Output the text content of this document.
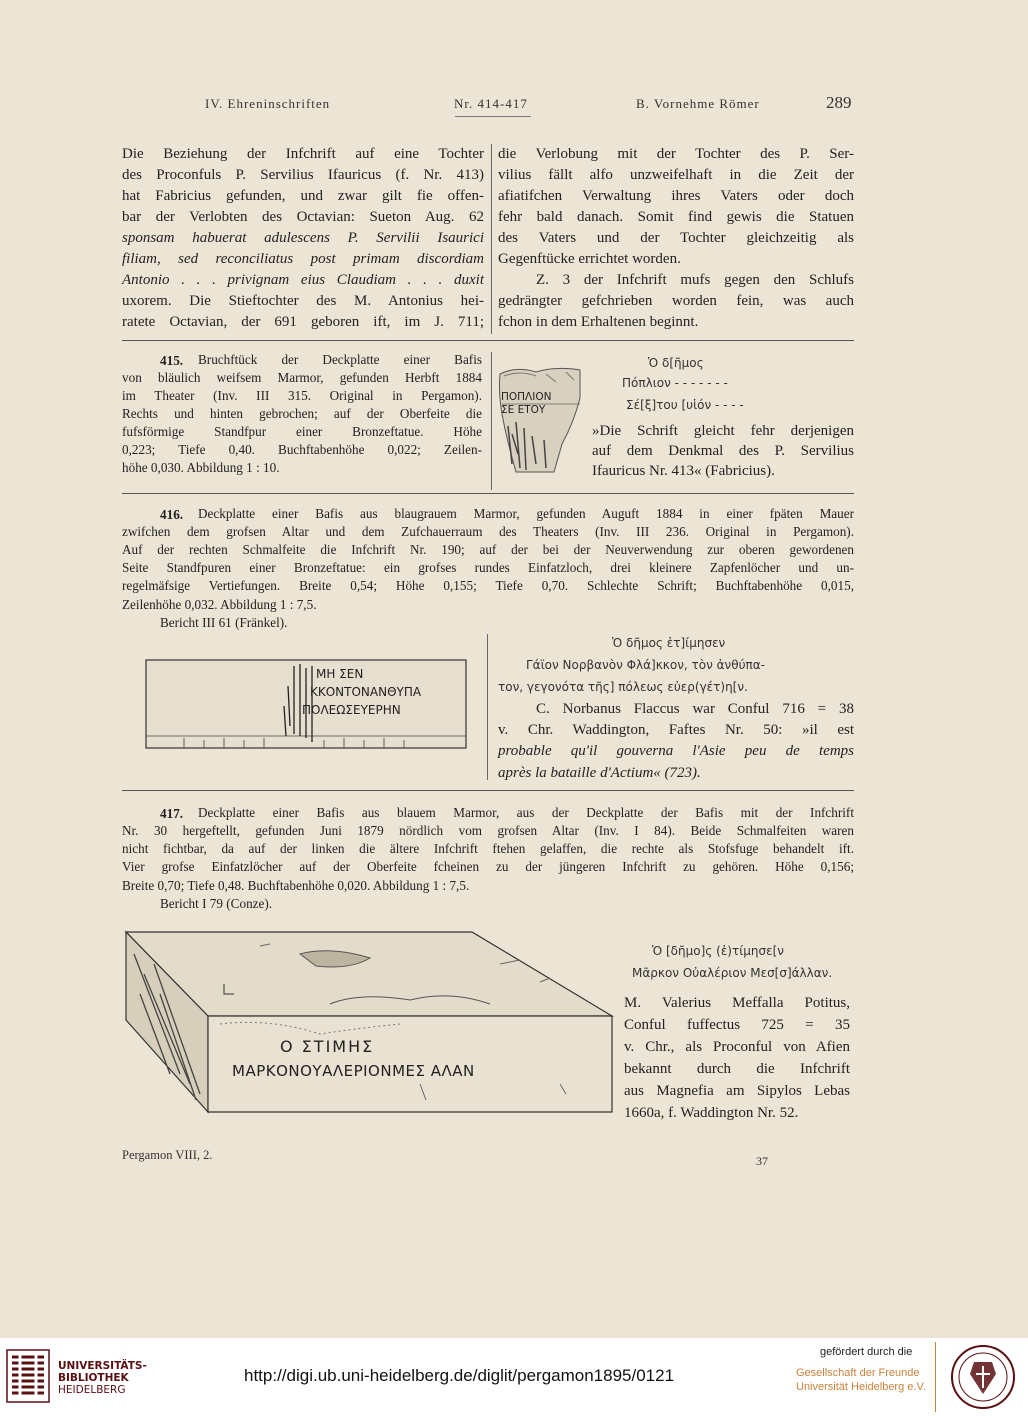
IV. Ehreninschriften	Nr. 414-417	B. Vornehme Römer	289
Die Beziehung der Infchrift auf eine Tochter
des Proconfuls P. Servilius Ifauricus (f. Nr. 413)
hat Fabricius gefunden, und zwar gilt fie offen-
bar der Verlobten des Octavian: Sueton Aug. 62
sponsam habuerat adulescens P. Servilii Isaurici
filiam, sed reconciliatus post primam discordiam
Antonio . . . privignam eius Claudiam . . . duxit
uxorem. Die Stieftochter des M. Antonius hei-
ratete Octavian, der 691 geboren ift, im J. 711;
die Verlobung mit der Tochter des P. Ser-
vilius fällt alfo unzweifelhaft in die Zeit der
afiatifchen Verwaltung ihres Vaters oder doch
fehr bald danach. Somit find gewis die Statuen
des Vaters und der Tochter gleichzeitig als
Gegenftücke errichtet worden.
Z. 3 der Infchrift mufs gegen den Schlufs
gedrängter gefchrieben worden fein, was auch
fchon in dem Erhaltenen beginnt.
415. Bruchftück der Deckplatte einer Bafis
von bläulich weifsem Marmor, gefunden Herbft 1884
im Theater (Inv. III 315. Original in Pergamon).
Rechts und hinten gebrochen; auf der Oberfeite die
fufsförmige Standfpur einer Bronzeftatue. Höhe
0,223; Tiefe 0,40. Buchftabenhöhe 0,022; Zeilen-
höhe 0,030. Abbildung 1 : 10.
ΠΟΠΛΙΟΝ
ΣΕ ΕΤΟΥ
Ὁ δ[ῆμος
Πόπλιον - - - - - - -
Σέ[ξ]του [υἱόν - - - -
»Die Schrift gleicht fehr derjenigen
auf dem Denkmal des P. Servilius
Ifauricus Nr. 413« (Fabricius).
416. Deckplatte einer Bafis aus blaugrauem Marmor, gefunden Auguft 1884 in einer fpäten Mauer
zwifchen dem grofsen Altar und dem Zufchauerraum des Theaters (Inv. III 236. Original in Pergamon).
Auf der rechten Schmalfeite die Infchrift Nr. 190; auf der bei der Neuverwendung zur oberen gewordenen
Seite Standfpuren einer Bronzeftatue: ein grofses rundes Einfatzloch, drei kleinere Zapfenlöcher und un-
regelmäfsige Vertiefungen. Breite 0,54; Höhe 0,155; Tiefe 0,70. Schlechte Schrift; Buchftabenhöhe 0,015,
Zeilenhöhe 0,032. Abbildung 1 : 7,5.
Bericht III 61 (Fränkel).
ΜΗ ΣΕΝ
ΚΚΟΝΤΟΝΑΝΘΥΠΑ
ΠΟΛΕΩΣΕΥΕΡΗΝ
Ὁ δῆμος ἐτ]ίμησεν
Γάϊον Νορβανὸν Φλά]κκον, τὸν ἀνθύπα-
τον, γεγονότα τῆς] πόλεως εὐερ(γέτ)η[ν.
C. Norbanus Flaccus war Conful 716 = 38
v. Chr. Waddington, Faftes Nr. 50: »il est
probable qu'il gouverna l'Asie peu de temps
après la bataille d'Actium« (723).
417. Deckplatte einer Bafis aus blauem Marmor, aus der Deckplatte der Bafis mit der Infchrift
Nr. 30 hergeftellt, gefunden Juni 1879 nördlich vom grofsen Altar (Inv. I 84). Beide Schmalfeiten waren
nicht fichtbar, da auf der linken die ältere Infchrift ftehen gelaffen, die rechte als Stofsfuge behandelt ift.
Vier grofse Einfatzlöcher auf der Oberfeite fcheinen zu der jüngeren Infchrift zu gehören. Höhe 0,156;
Breite 0,70; Tiefe 0,48. Buchftabenhöhe 0,020. Abbildung 1 : 7,5.
Bericht I 79 (Conze).
Ο ΣΤΙΜΗΣ
ΜΑΡΚΟΝΟΥΑΛΕΡΙΟΝΜΕΣ ΑΛΑΝ
Ὁ [δῆμο]ς (ἐ)τίμησε[ν
Μᾶρκον Οὐαλέριον Μεσ[σ]άλλαν.
M. Valerius Meffalla Potitus,
Conful fuffectus 725 = 35
v. Chr., als Proconful von Afien
bekannt durch die Infchrift
aus Magnefia am Sipylos Lebas
1660a, f. Waddington Nr. 52.
Pergamon VIII, 2.	37
UNIVERSITÄTS-
BIBLIOTHEK
HEIDELBERG
http://digi.ub.uni-heidelberg.de/diglit/pergamon1895/0121
gefördert durch die
Gesellschaft der Freunde
Universität Heidelberg e.V.
